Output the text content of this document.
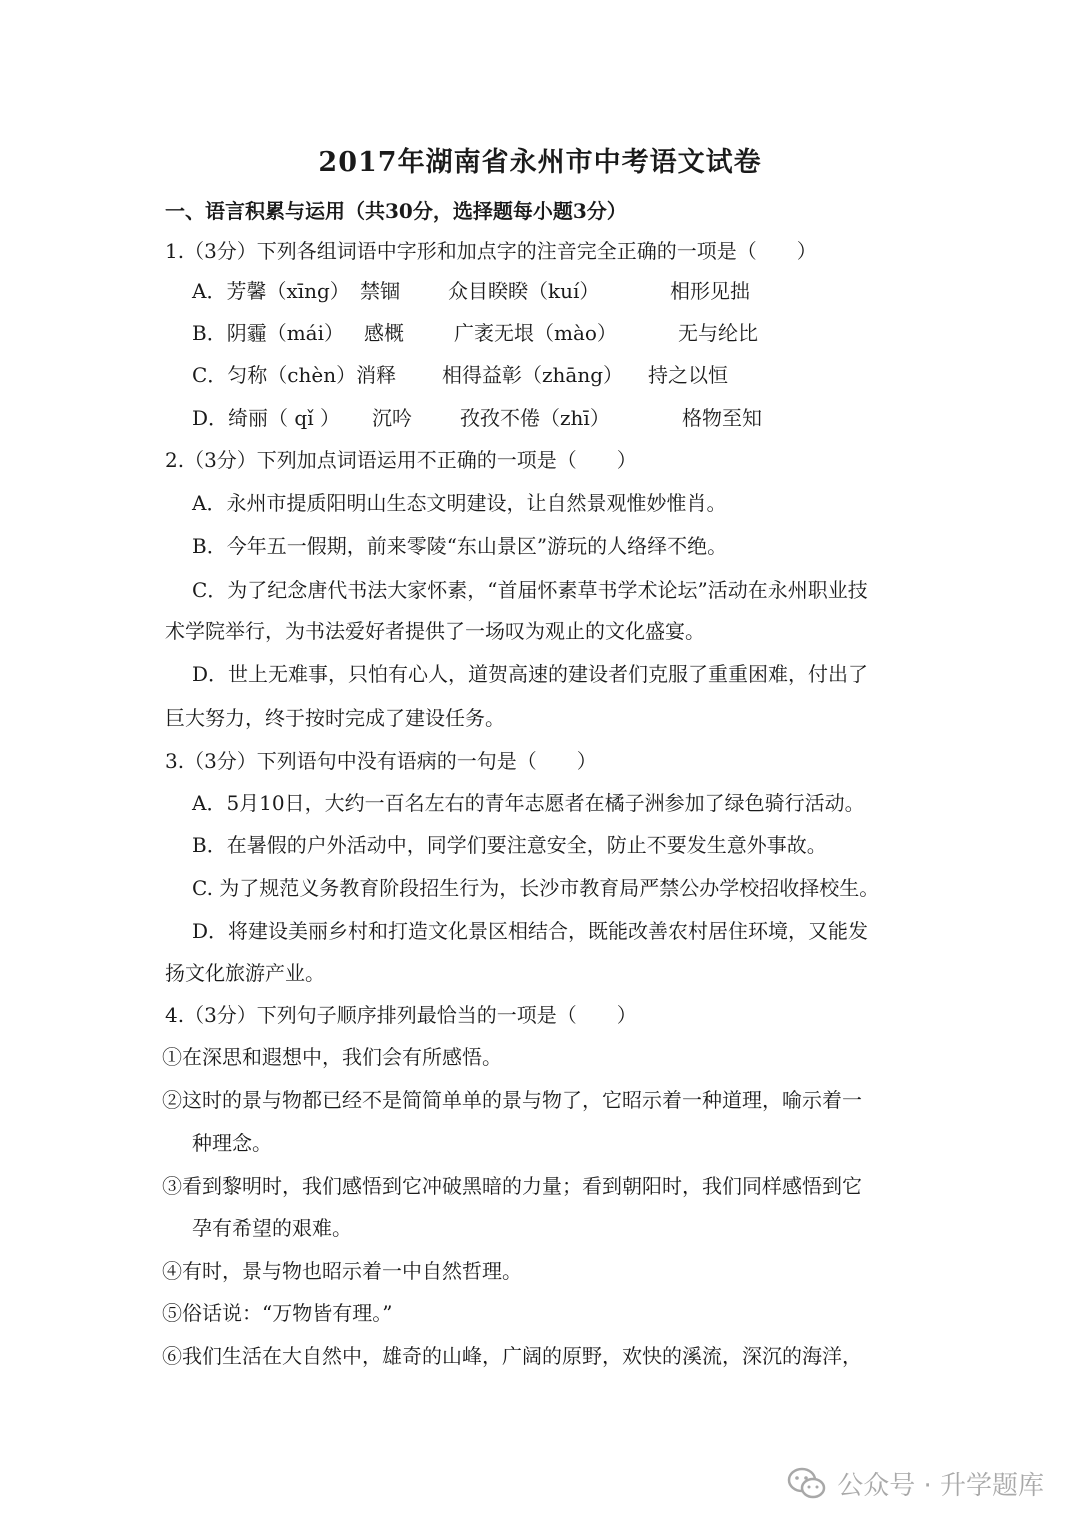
2017年湖南省永州市中考语文试卷
一、语言积累与运用（共30分，选择题每小题3分）
1.（3分）下列各组词语中字形和加点字的注音完全正确的一项是（　　）
A．芳馨（xīng） 禁锢 众目睽睽（kuí）	相形见拙
B．阴霾（mái） 感概	广袤无垠（mào）	无与纶比
C．匀称（chèn）消释 相得益彰（zhāng） 持之以恒
D．绮丽（ qǐ ） 沉吟 孜孜不倦（zhī）	格物至知
2.（3分）下列加点词语运用不正确的一项是（　　）
A．永州市提质阳明山生态文明建设，让自然景观惟妙惟肖。
B．今年五一假期，前来零陵“东山景区”游玩的人络绎不绝。
C．为了纪念唐代书法大家怀素，“首届怀素草书学术论坛”活动在永州职业技
术学院举行，为书法爱好者提供了一场叹为观止的文化盛宴。
D．世上无难事，只怕有心人，道贺高速的建设者们克服了重重困难，付出了
巨大努力，终于按时完成了建设任务。
3.（3分）下列语句中没有语病的一句是（　　）
A．5月10日，大约一百名左右的青年志愿者在橘子洲参加了绿色骑行活动。
B．在暑假的户外活动中，同学们要注意安全，防止不要发生意外事故。
C. 为了规范义务教育阶段招生行为，长沙市教育局严禁公办学校招收择校生。
D．将建设美丽乡村和打造文化景区相结合，既能改善农村居住环境，又能发
扬文化旅游产业。
4.（3分）下列句子顺序排列最恰当的一项是（　　）
①在深思和遐想中，我们会有所感悟。
②这时的景与物都已经不是简简单单的景与物了，它昭示着一种道理，喻示着一
种理念。
③看到黎明时，我们感悟到它冲破黑暗的力量；看到朝阳时，我们同样感悟到它
孕有希望的艰难。
④有时，景与物也昭示着一中自然哲理。
⑤俗话说：“万物皆有理。”
⑥我们生活在大自然中，雄奇的山峰，广阔的原野，欢快的溪流，深沉的海洋，
公众号 · 升学题库
